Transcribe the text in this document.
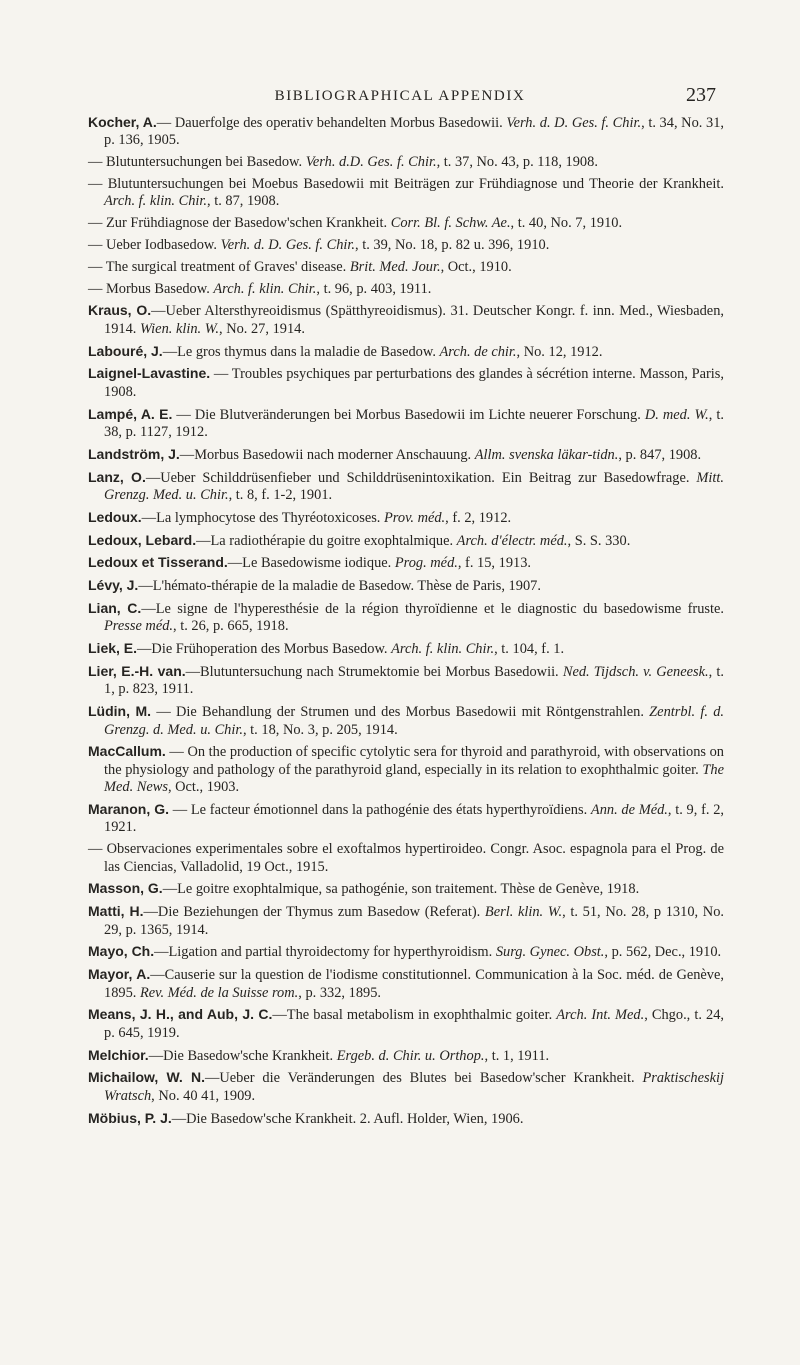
BIBLIOGRAPHICAL APPENDIX	237
Kocher, A.— Dauerfolge des operativ behandelten Morbus Basedowii. Verh. d. D. Ges. f. Chir., t. 34, No. 31, p. 136, 1905.
— Blutuntersuchungen bei Basedow. Verh. d.D. Ges. f. Chir., t. 37, No. 43, p. 118, 1908.
— Blutuntersuchungen bei Moebus Basedowii mit Beiträgen zur Frühdiagnose und Theorie der Krankheit. Arch. f. klin. Chir., t. 87, 1908.
— Zur Frühdiagnose der Basedow'schen Krankheit. Corr. Bl. f. Schw. Ae., t. 40, No. 7, 1910.
— Ueber Iodbasedow. Verh. d. D. Ges. f. Chir., t. 39, No. 18, p. 82 u. 396, 1910.
— The surgical treatment of Graves' disease. Brit. Med. Jour., Oct., 1910.
— Morbus Basedow. Arch. f. klin. Chir., t. 96, p. 403, 1911.
Kraus, O.—Ueber Altersthyreoidismus (Spätthyreoidismus). 31. Deutscher Kongr. f. inn. Med., Wiesbaden, 1914. Wien. klin. W., No. 27, 1914.
Labouré, J.—Le gros thymus dans la maladie de Basedow. Arch. de chir., No. 12, 1912.
Laignel-Lavastine. — Troubles psychiques par perturbations des glandes à sécrétion interne. Masson, Paris, 1908.
Lampé, A. E. — Die Blutveränderungen bei Morbus Basedowii im Lichte neuerer Forschung. D. med. W., t. 38, p. 1127, 1912.
Landström, J.—Morbus Basedowii nach moderner Anschauung. Allm. svenska läkar-tidn., p. 847, 1908.
Lanz, O.—Ueber Schilddrüsenfieber und Schilddrüsenintoxikation. Ein Beitrag zur Basedowfrage. Mitt. Grenzg. Med. u. Chir., t. 8, f. 1-2, 1901.
Ledoux.—La lymphocytose des Thyréotoxicoses. Prov. méd., f. 2, 1912.
Ledoux, Lebard.—La radiothérapie du goitre exophtalmique. Arch. d'électr. méd., S. S. 330.
Ledoux et Tisserand.—Le Basedowisme iodique. Prog. méd., f. 15, 1913.
Lévy, J.—L'hémato-thérapie de la maladie de Basedow. Thèse de Paris, 1907.
Lian, C.—Le signe de l'hyperesthésie de la région thyroïdienne et le diagnostic du basedowisme fruste. Presse méd., t. 26, p. 665, 1918.
Liek, E.—Die Frühoperation des Morbus Basedow. Arch. f. klin. Chir., t. 104, f. 1.
Lier, E.-H. van.—Blutuntersuchung nach Strumektomie bei Morbus Basedowii. Ned. Tijdsch. v. Geneesk., t. 1, p. 823, 1911.
Lüdin, M. — Die Behandlung der Strumen und des Morbus Basedowii mit Röntgenstrahlen. Zentrbl. f. d. Grenzg. d. Med. u. Chir., t. 18, No. 3, p. 205, 1914.
MacCallum. — On the production of specific cytolytic sera for thyroid and parathyroid, with observations on the physiology and pathology of the parathyroid gland, especially in its relation to exophthalmic goiter. The Med. News, Oct., 1903.
Maranon, G. — Le facteur émotionnel dans la pathogénie des états hyperthyroïdiens. Ann. de Méd., t. 9, f. 2, 1921.
— Observaciones experimentales sobre el exoftalmos hypertiroideo. Congr. Asoc. espagnola para el Prog. de las Ciencias, Valladolid, 19 Oct., 1915.
Masson, G.—Le goitre exophtalmique, sa pathogénie, son traitement. Thèse de Genève, 1918.
Matti, H.—Die Beziehungen der Thymus zum Basedow (Referat). Berl. klin. W., t. 51, No. 28, p 1310, No. 29, p. 1365, 1914.
Mayo, Ch.—Ligation and partial thyroidectomy for hyperthyroidism. Surg. Gynec. Obst., p. 562, Dec., 1910.
Mayor, A.—Causerie sur la question de l'iodisme constitutionnel. Communication à la Soc. méd. de Genève, 1895. Rev. Méd. de la Suisse rom., p. 332, 1895.
Means, J. H., and Aub, J. C.—The basal metabolism in exophthalmic goiter. Arch. Int. Med., Chgo., t. 24, p. 645, 1919.
Melchior.—Die Basedow'sche Krankheit. Ergeb. d. Chir. u. Orthop., t. 1, 1911.
Michailow, W. N.—Ueber die Veränderungen des Blutes bei Basedow'scher Krankheit. Praktischeskij Wratsch, No. 40 41, 1909.
Möbius, P. J.—Die Basedow'sche Krankheit. 2. Aufl. Holder, Wien, 1906.
